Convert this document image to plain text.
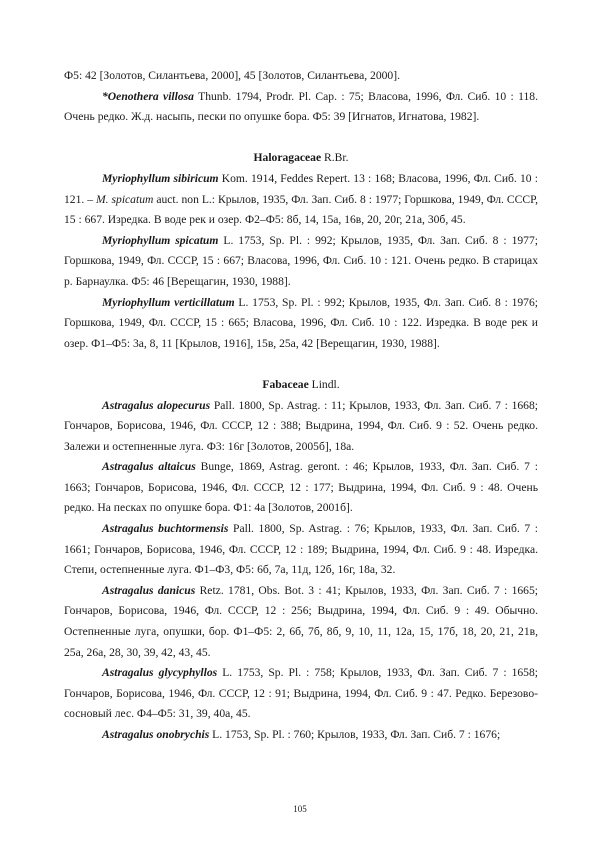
Ф5: 42 [Золотов, Силантьева, 2000], 45 [Золотов, Силантьева, 2000].

*Oenothera villosa Thunb. 1794, Prodr. Pl. Cap. : 75; Власова, 1996, Фл. Сиб. 10 : 118. Очень редко. Ж.д. насыпь, пески по опушке бора. Ф5: 39 [Игнатов, Игнатова, 1982].

Haloragaceae R.Br.

Myriophyllum sibiricum Kom. 1914, Feddes Repert. 13 : 168; Власова, 1996, Фл. Сиб. 10 : 121. – M. spicatum auct. non L.: Крылов, 1935, Фл. Зап. Сиб. 8 : 1977; Горшкова, 1949, Фл. СССР, 15 : 667. Изредка. В воде рек и озер. Ф2–Ф5: 8б, 14, 15а, 16в, 20, 20г, 21а, 30б, 45.

Myriophyllum spicatum L. 1753, Sp. Pl. : 992; Крылов, 1935, Фл. Зап. Сиб. 8 : 1977; Горшкова, 1949, Фл. СССР, 15 : 667; Власова, 1996, Фл. Сиб. 10 : 121. Очень редко. В старицах р. Барнаулка. Ф5: 46 [Верещагин, 1930, 1988].

Myriophyllum verticillatum L. 1753, Sp. Pl. : 992; Крылов, 1935, Фл. Зап. Сиб. 8 : 1976; Горшкова, 1949, Фл. СССР, 15 : 665; Власова, 1996, Фл. Сиб. 10 : 122. Изредка. В воде рек и озер. Ф1–Ф5: 3а, 8, 11 [Крылов, 1916], 15в, 25а, 42 [Верещагин, 1930, 1988].

Fabaceae Lindl.

Astragalus alopecurus Pall. 1800, Sp. Astrag. : 11; Крылов, 1933, Фл. Зап. Сиб. 7 : 1668; Гончаров, Борисова, 1946, Фл. СССР, 12 : 388; Выдрина, 1994, Фл. Сиб. 9 : 52. Очень редко. Залежи и остепненные луга. Ф3: 16г [Золотов, 2005б], 18а.

Astragalus altaicus Bunge, 1869, Astrag. geront. : 46; Крылов, 1933, Фл. Зап. Сиб. 7 : 1663; Гончаров, Борисова, 1946, Фл. СССР, 12 : 177; Выдрина, 1994, Фл. Сиб. 9 : 48. Очень редко. На песках по опушке бора. Ф1: 4а [Золотов, 2001б].

Astragalus buchtormensis Pall. 1800, Sp. Astrag. : 76; Крылов, 1933, Фл. Зап. Сиб. 7 : 1661; Гончаров, Борисова, 1946, Фл. СССР, 12 : 189; Выдрина, 1994, Фл. Сиб. 9 : 48. Изредка. Степи, остепненные луга. Ф1–Ф3, Ф5: 6б, 7а, 11д, 12б, 16г, 18а, 32.

Astragalus danicus Retz. 1781, Obs. Bot. 3 : 41; Крылов, 1933, Фл. Зап. Сиб. 7 : 1665; Гончаров, Борисова, 1946, Фл. СССР, 12 : 256; Выдрина, 1994, Фл. Сиб. 9 : 49. Обычно. Остепненные луга, опушки, бор. Ф1–Ф5: 2, 6б, 7б, 8б, 9, 10, 11, 12а, 15, 17б, 18, 20, 21, 21в, 25а, 26а, 28, 30, 39, 42, 43, 45.

Astragalus glycyphyllos L. 1753, Sp. Pl. : 758; Крылов, 1933, Фл. Зап. Сиб. 7 : 1658; Гончаров, Борисова, 1946, Фл. СССР, 12 : 91; Выдрина, 1994, Фл. Сиб. 9 : 47. Редко. Березово-сосновый лес. Ф4–Ф5: 31, 39, 40а, 45.

Astragalus onobrychis L. 1753, Sp. Pl. : 760; Крылов, 1933, Фл. Зап. Сиб. 7 : 1676;

105
